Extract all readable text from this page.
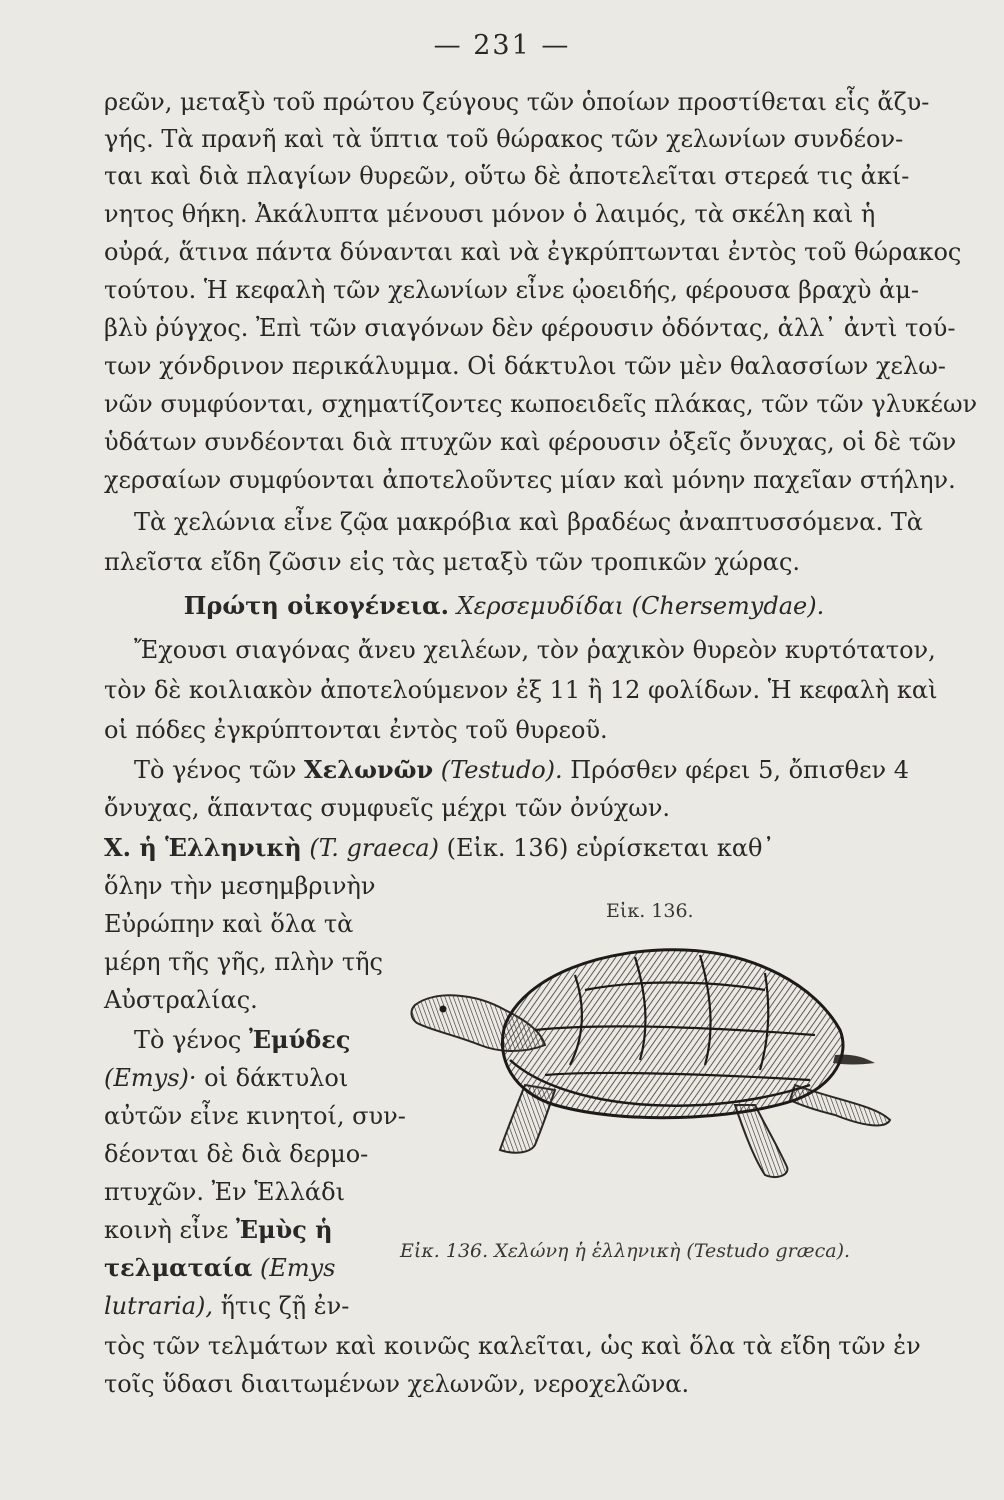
— 231 —
ρεῶν, μεταξὺ τοῦ πρώτου ζεύγους τῶν ὁποίων προστίθεται εἷς ἄζυ-
γής. Τὰ πρανῆ καὶ τὰ ὕπτια τοῦ θώρακος τῶν χελωνίων συνδέον-
ται καὶ διὰ πλαγίων θυρεῶν, οὕτω δὲ ἀποτελεῖται στερεά τις ἀκί-
νητος θήκη. Ἀκάλυπτα μένουσι μόνον ὁ λαιμός, τὰ σκέλη καὶ ἡ
οὐρά, ἅτινα πάντα δύνανται καὶ νὰ ἐγκρύπτωνται ἐντὸς τοῦ θώρακος
τούτου. Ἡ κεφαλὴ τῶν χελωνίων εἶνε ᾠοειδής, φέρουσα βραχὺ ἀμ-
βλὺ ῥύγχος. Ἐπὶ τῶν σιαγόνων δὲν φέρουσιν ὀδόντας, ἀλλ᾽ ἀντὶ τού-
των χόνδρινον περικάλυμμα. Οἱ δάκτυλοι τῶν μὲν θαλασσίων χελω-
νῶν συμφύονται, σχηματίζοντες κωποειδεῖς πλάκας, τῶν τῶν γλυκέων
ὑδάτων συνδέονται διὰ πτυχῶν καὶ φέρουσιν ὀξεῖς ὄνυχας, οἱ δὲ τῶν
χερσαίων συμφύονται ἀποτελοῦντες μίαν καὶ μόνην παχεῖαν στήλην.
Τὰ χελώνια εἶνε ζῷα μακρόβια καὶ βραδέως ἀναπτυσσόμενα. Τὰ
πλεῖστα εἴδη ζῶσιν εἰς τὰς μεταξὺ τῶν τροπικῶν χώρας.
Πρώτη οἰκογένεια. Χερσεμυδίδαι (Chersemydae).
Ἔχουσι σιαγόνας ἄνευ χειλέων, τὸν ῥαχικὸν θυρεὸν κυρτότατον,
τὸν δὲ κοιλιακὸν ἀποτελούμενον ἐξ 11 ἢ 12 φολίδων. Ἡ κεφαλὴ καὶ
οἱ πόδες ἐγκρύπτονται ἐντὸς τοῦ θυρεοῦ.
Τὸ γένος τῶν Χελωνῶν (Testudo). Πρόσθεν φέρει 5, ὄπισθεν 4
ὄνυχας, ἅπαντας συμφυεῖς μέχρι τῶν ὀνύχων.
Χ. ἡ Ἑλληνικὴ (T. graeca) (Εἰκ. 136) εὑρίσκεται καθ᾽
ὅλην τὴν μεσημβρινὴν
Εὐρώπην καὶ ὅλα τὰ
μέρη τῆς γῆς, πλὴν τῆς
Αὐστραλίας.
Τὸ γένος Ἐμύδες
(Emys)· οἱ δάκτυλοι
αὐτῶν εἶνε κινητοί, συν-
δέονται δὲ διὰ δερμο-
πτυχῶν. Ἐν Ἑλλάδι
κοινὴ εἶνε Ἐμὺς ἡ
τελματαία (Emys
lutraria), ἥτις ζῇ ἐν-
τὸς τῶν τελμάτων καὶ κοινῶς καλεῖται, ὡς καὶ ὅλα τὰ εἴδη τῶν ἐν
τοῖς ὕδασι διαιτωμένων χελωνῶν, νεροχελῶνα.
Εἰκ. 136.
Εἰκ. 136. Χελώνη ἡ ἑλληνικὴ (Testudo græca).
